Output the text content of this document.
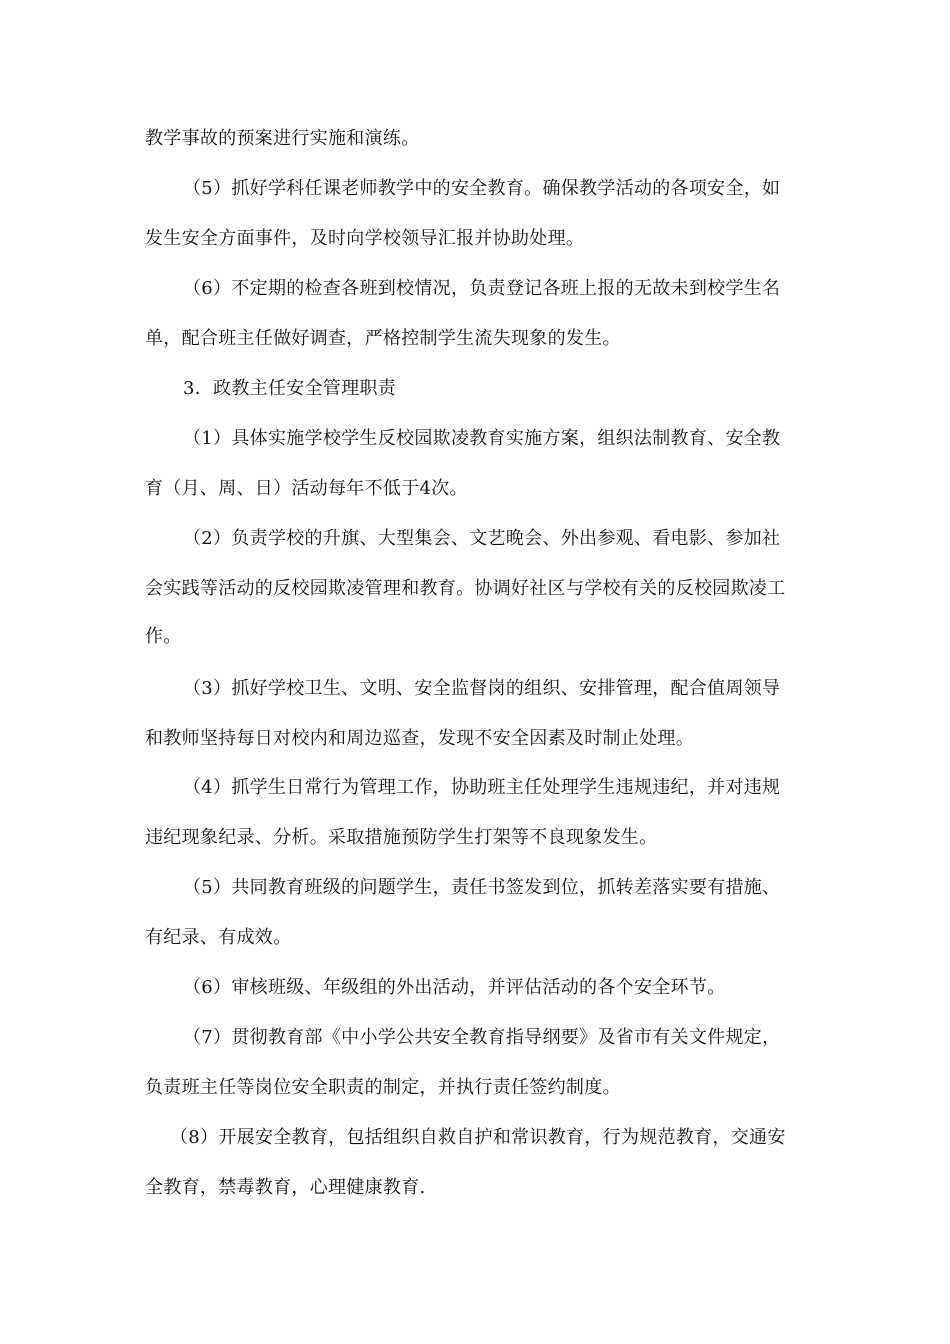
教学事故的预案进行实施和演练。
（5）抓好学科任课老师教学中的安全教育。确保教学活动的各项安全，如
发生安全方面事件，及时向学校领导汇报并协助处理。
（6）不定期的检查各班到校情况，负责登记各班上报的无故未到校学生名
单，配合班主任做好调查，严格控制学生流失现象的发生。
3．政教主任安全管理职责
（1）具体实施学校学生反校园欺凌教育实施方案，组织法制教育、安全教
育（月、周、日）活动每年不低于4次。
（2）负责学校的升旗、大型集会、文艺晚会、外出参观、看电影、参加社
会实践等活动的反校园欺凌管理和教育。协调好社区与学校有关的反校园欺凌工
作。
（3）抓好学校卫生、文明、安全监督岗的组织、安排管理，配合值周领导
和教师坚持每日对校内和周边巡查，发现不安全因素及时制止处理。
（4）抓学生日常行为管理工作，协助班主任处理学生违规违纪，并对违规
违纪现象纪录、分析。采取措施预防学生打架等不良现象发生。
（5）共同教育班级的问题学生，责任书签发到位，抓转差落实要有措施、
有纪录、有成效。
（6）审核班级、年级组的外出活动，并评估活动的各个安全环节。
（7）贯彻教育部《中小学公共安全教育指导纲要》及省市有关文件规定，
负责班主任等岗位安全职责的制定，并执行责任签约制度。
（8）开展安全教育，包括组织自救自护和常识教育，行为规范教育，交通安
全教育，禁毒教育，心理健康教育.
